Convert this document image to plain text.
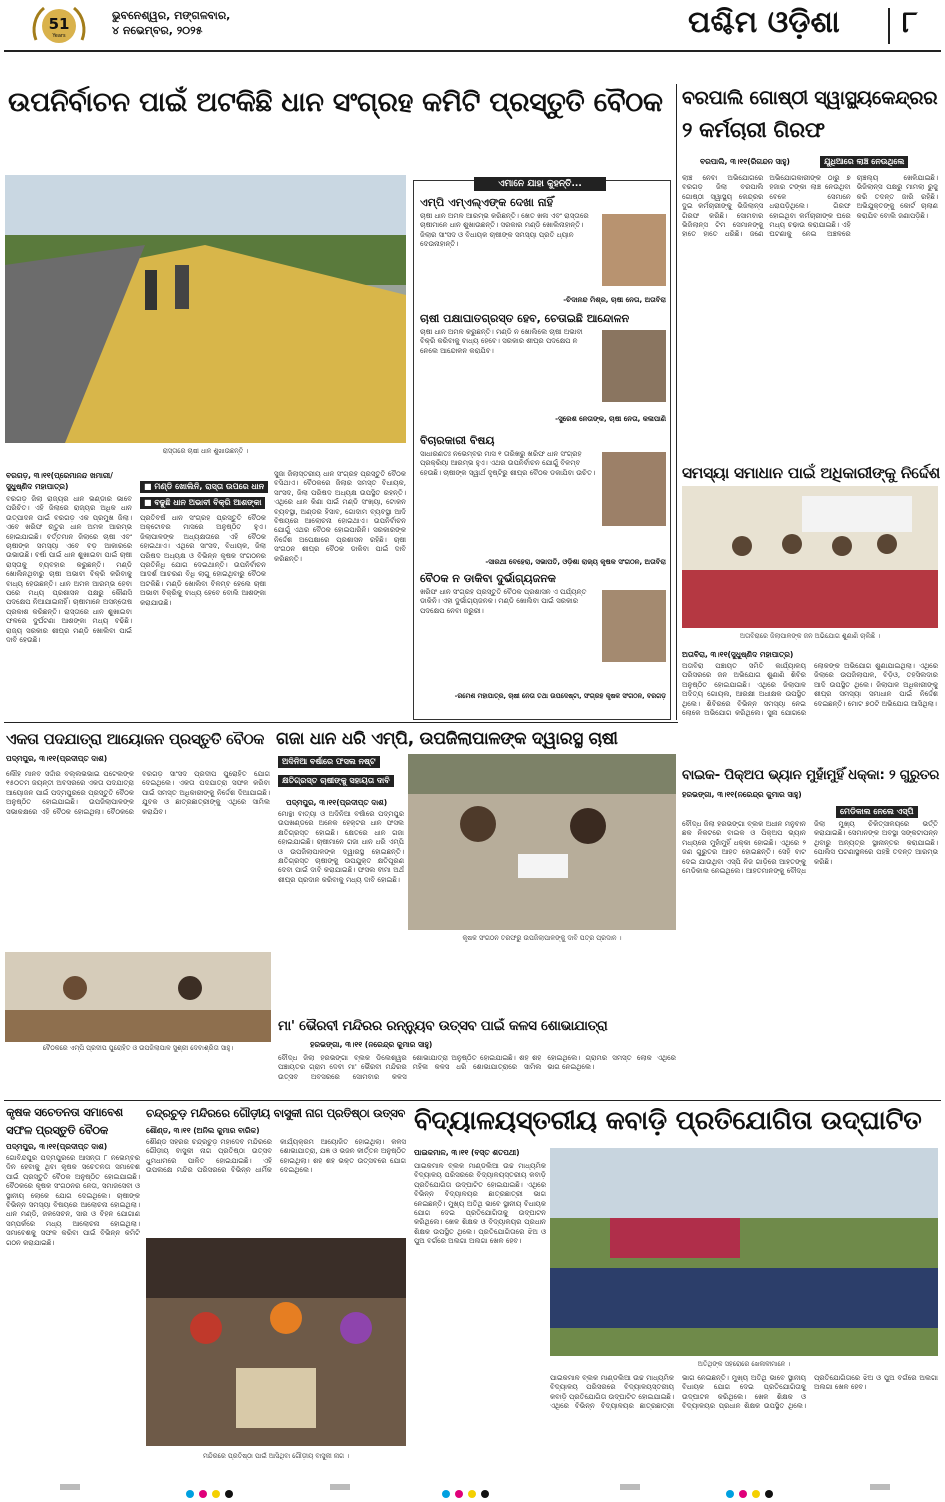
51
Years
ଭୁବନେଶ୍ୱର, ମଙ୍ଗଳବାର,
୪ ନଭେମ୍ବର, ୨୦୨୫	ପଶ୍ଚିମ ଓଡ଼ିଶା ୮
ଉପନିର୍ବାଚନ ପାଇଁ ଅଟକିଛି ଧାନ ସଂଗ୍ରହ କମିଟି ପ୍ରସ୍ତୁତି ବୈଠକ
ରାସ୍ତାରେ ଚାଷୀ ଧାନ ଶୁଖାଉଛନ୍ତି ।
ବରଗଡ଼, ୩।୧୧(ପ୍ରେମାନନ୍ଦ ଖମାରୀ/ ସୁଧୁଷ୍ଣିଦ ମହାପାତ୍ର)	■ ମଣ୍ଡି ଖୋଲିନି, ରାସ୍ତା ଉପରେ ଧାନ
■ ବଢୁଛି ଧାନ ଅଭାବୀ ବିକ୍ରି ଆଶଙ୍କା
ବରଗଡ଼ ଜିଲା ରାଜ୍ୟର ଧାନ ଭଣ୍ଡାର ଭାବେ ପରିଚିତ। ଏହି ଜିଲାରେ ରାଜ୍ୟର ଅଧିକ ଧାନ ଉତ୍ପାଦନ ପାଇଁ ବରଗଡ଼ ଏକ ପ୍ରମୁଖ ଜିଲା। ଏବେ ଖରିଫ ଋତୁର ଧାନ ଅମଳ ଆରମ୍ଭ ହୋଇଯାଇଛି। ବର୍ତ୍ତମାନ ଜିଲାରେ ଚାଷୀ ଏବଂ ଚାଷୀଙ୍କ ସମସ୍ୟା ଏବେ ବଡ଼ ଆକାରରେ ଉଭାଉଛି। ବର୍ଷା ପାଇଁ ଧାନ ଶୁଖାଇବା ପାଇଁ ଚାଷୀ ରାସ୍ତାକୁ ବ୍ୟବହାର କରୁଛନ୍ତି। ମଣ୍ଡି ଖୋଲିନଥିବାରୁ ଚାଷୀ ଅଭାବୀ ବିକ୍ରି କରିବାକୁ ବାଧ୍ୟ ହେଉଛନ୍ତି। ଧାନ ଅମଳ ଆରମ୍ଭ ହେବା ପରେ ମଧ୍ୟ ପ୍ରଶାସନ ପକ୍ଷରୁ କୌଣସି ପଦକ୍ଷେପ ନିଆଯାଇନାହିଁ। ଚାଷୀମାନେ ଅସନ୍ତୋଷ ପ୍ରକାଶ କରିଛନ୍ତି। ରାସ୍ତାରେ ଧାନ ଶୁଖାଇବା ଫଳରେ ଦୁର୍ଘଟଣା ଆଶଙ୍କା ମଧ୍ୟ ବଢିଛି। ରାଜ୍ୟ ସରକାର ଶୀଘ୍ର ମଣ୍ଡି ଖୋଲିବା ପାଇଁ ଦାବି ହେଉଛି।
ପ୍ରତିବର୍ଷ ଧାନ ସଂଗ୍ରହ ପ୍ରସ୍ତୁତି ବୈଠକ ଅକ୍ଟୋବର ମାସରେ ଅନୁଷ୍ଠିତ ହୁଏ। ଜିଲାପାଳଙ୍କ ଅଧ୍ୟକ୍ଷତାରେ ଏହି ବୈଠକ ହୋଇଥାଏ। ଏଥିରେ ସାଂସଦ, ବିଧାୟକ, ଜିଲା ପରିଷଦ ଅଧ୍ୟକ୍ଷ ଓ ବିଭିନ୍ନ କୃଷକ ସଂଗଠନର ପ୍ରତିନିଧି ଯୋଗ ଦେଇଥାନ୍ତି। ଉପନିର୍ବାଚନ ଆଦର୍ଶ ଆଚରଣ ବିଧି ଲାଗୁ ହୋଇଥିବାରୁ ବୈଠକ ଅଟକିଛି। ମଣ୍ଡି ଖୋଲିବା ବିଳମ୍ବ ହେଲେ ଚାଷୀ ଅଭାବୀ ବିକ୍ରିକୁ ବାଧ୍ୟ ହେବେ ବୋଲି ଆଶଙ୍କା କରାଯାଉଛି।
ସୁଜା ଜିଲାସ୍ତରୀୟ ଧାନ ସଂଗ୍ରହ ପ୍ରସ୍ତୁତି ବୈଠକ ବସିଥାଏ। ବୈଠକରେ ଜିଲାର ସମସ୍ତ ବିଧାୟକ, ସାଂସଦ, ଜିଲା ପରିଷଦ ଅଧ୍ୟକ୍ଷ ଉପସ୍ଥିତ ରହନ୍ତି। ଏଥିରେ ଧାନ କିଣା ପାଇଁ ମଣ୍ଡି ସଂଖ୍ୟା, ଟୋକନ ବ୍ୟବସ୍ଥା, ଅଣ୍ଡର ହିସାବ, ଗୋଦାମ ବ୍ୟବସ୍ଥା ଆଦି ବିଷୟରେ ଆଲୋଚନା ହୋଇଥାଏ। ଉପନିର୍ବାଚନ ଯୋଗୁଁ ଏଥର ବୈଠକ ହୋଇପାରିନି। ସରକାରଙ୍କ ନିର୍ଦ୍ଦେଶ ଅପେକ୍ଷାରେ ପ୍ରଶାସନ ରହିଛି। ଚାଷୀ ସଂଗଠନ ଶୀଘ୍ର ବୈଠକ ଡାକିବା ପାଇଁ ଦାବି କରିଛନ୍ତି।
ଏମାନେ ଯାହା କୁହନ୍ତି...
ଏମ୍ପି ଏମ୍‌ଏଲ୍‌ଏଙ୍କ ଦେଖା ନାହିଁ
ଚାଷୀ ଧାନ ଅମଳ ଆରମ୍ଭ କରିଛନ୍ତି। ଖେତ ଖଳା ଏବଂ ରାସ୍ତାରେ ଚାଷୀମାନେ ଧାନ ଶୁଖାଉଛନ୍ତି। ସରକାର ମଣ୍ଡି ଖୋଲିନାହାନ୍ତି। ଜିଲାର ସାଂସଦ ଓ ବିଧାୟକ ଚାଷୀଙ୍କ ସମସ୍ୟା ପ୍ରତି ଧ୍ୟାନ ଦେଉନାହାନ୍ତି।
-ଚିଦାନନ୍ଦ ମିଶ୍ର, ଚାଷୀ ନେତା, ଅତାବିରା
ଚାଷୀ ପକ୍ଷାଘାତଗ୍ରସ୍ତ ହେବ, ଚେତାଇଛି ଆନ୍ଦୋଳନ
ଚାଷୀ ଧାନ ଅମଳ କରୁଛନ୍ତି। ମଣ୍ଡି ନ ଖୋଲିଲେ ଚାଷୀ ଅଭାବୀ ବିକ୍ରି କରିବାକୁ ବାଧ୍ୟ ହେବେ। ସରକାର ଶୀଘ୍ର ପଦକ୍ଷେପ ନ ନେଲେ ଆନ୍ଦୋଳନ କରାଯିବ।
-ସୁରେଶ ନେତାଙ୍କ, ଚାଷୀ ନେତା, କଳାପାଣି
ବିଚାରକାରୀ ବିଷୟ
ସାଧାରଣତଃ ନଭେମ୍ବର ମାସ ୧ ତାରିଖରୁ ଖରିଫ ଧାନ ସଂଗ୍ରହ ପ୍ରକ୍ରିୟା ଆରମ୍ଭ ହୁଏ। ଏଥର ଉପନିର୍ବାଚନ ଯୋଗୁଁ ବିଳମ୍ବ ହେଉଛି। ଚାଷୀଙ୍କ ସ୍ୱାର୍ଥ ଦୃଷ୍ଟିରୁ ଶୀଘ୍ର ବୈଠକ ଡକାଯିବା ଉଚିତ।
-ସାରଥୀ ବେହେରା, ସଭାପତି, ଓଡ଼ିଶା ରାଜ୍ୟ କୃଷକ ସଂଗଠନ, ଅତାବିରା
ବୈଠକ ନ ଡାକିବା ଦୁର୍ଭାଗ୍ୟଜନକ
ଖରିଫ ଧାନ ସଂଗ୍ରହ ପ୍ରସ୍ତୁତି ବୈଠକ ପ୍ରଶାସନ ଏ ପର୍ଯ୍ୟନ୍ତ ଡାକିନି। ଏହା ଦୁର୍ଭାଗ୍ୟଜନକ। ମଣ୍ଡି ଖୋଲିବା ପାଇଁ ସରକାର ପଦକ୍ଷେପ ନେବା ଜରୁରୀ।
-ରମେଶ ମହାପାତ୍ର, ଚାଷୀ ନେତା ତଥା ଉପଦେଷ୍ଟା, ସଂଗ୍ରହ କୃଷକ ସଂଗଠନ, ବରଗଡ଼
ବରପାଲି ଗୋଷ୍ଠୀ ସ୍ୱାସ୍ଥ୍ୟକେନ୍ଦ୍ରର
୨ କର୍ମଚାରୀ ଗିରଫ
ବରପାଲି, ୩।୧୧(ରିଗନ୍ଦନ ସାହୁ)	ଯୁଧିଆରେ ଲାଞ୍ଚ ନେଉଥିଲେ
ଲାଞ୍ଚ ନେବା ଅଭିଯୋଗରେ ବରଗଡ଼ ଜିଲା ବରପାଲି ଗୋଷ୍ଠୀ ସ୍ୱାସ୍ଥ୍ୟ କେନ୍ଦ୍ରର ଦୁଇ କର୍ମଚାରୀଙ୍କୁ ଭିଜିଲାନ୍ସ ଗିରଫ କରିଛି। ସୋମବାର ଭିଜିଲାନ୍ସ ଟିମ ସେମାନଙ୍କୁ ହାତେ ହାତେ ଧରିଛି। ଜଣେ ଅଭିଯୋଗକାରୀଙ୍କ ଠାରୁ ୭ ହଜାର ଟଙ୍କା ଲାଞ୍ଚ ନେଉଥିବା ବେଳେ ସେମାନେ ଧରାପଡ଼ିଥିଲେ। ଗିରଫ ହୋଇଥିବା କର୍ମଚାରୀଙ୍କ ଘରେ ମଧ୍ୟ ଚଢାଉ କରାଯାଇଛି। ଏହି ଘଟଣାକୁ ନେଇ ଅଞ୍ଚଳରେ ଚାଞ୍ଚଲ୍ୟ ଖେଳିଯାଇଛି। ଭିଜିଲାନ୍ସ ପକ୍ଷରୁ ମାମଲା ରୁଜୁ କରି ତଦନ୍ତ ଜାରି ରହିଛି। ଅଭିଯୁକ୍ତଙ୍କୁ କୋର୍ଟ ଚାଲାଣ କରାଯିବ ବୋଲି ଜଣାପଡ଼ିଛି।
ସମସ୍ୟା ସମାଧାନ ପାଇଁ ଅଧିକାରୀଙ୍କୁ ନିର୍ଦ୍ଦେଶ
ଅତାବିରାରେ ଜିଲାପାଳଙ୍କ ଜନ ଅଭିଯୋଗ ଶୁଣାଣି ଚାଲିଛି ।
ଅତାବିରା, ୩।୧୧(ସୁଧୁଷ୍ଣିଦ ମହାପାତ୍ର)
ଅତାବିରା ପଞ୍ଚାୟତ ସମିତି କାର୍ଯ୍ୟାଳୟ ପରିସରରେ ଜନ ଅଭିଯୋଗ ଶୁଣାଣି ଶିବିର ଅନୁଷ୍ଠିତ ହୋଇଯାଇଛି। ଏଥିରେ ଜିଲାପାଳ ଅଦିତ୍ୟ ଗୋୟଲ, ଆରକ୍ଷୀ ଅଧୀକ୍ଷକ ଉପସ୍ଥିତ ଥିଲେ। ଶିବିରରେ ବିଭିନ୍ନ ସମସ୍ୟା ନେଇ ଲୋକେ ଅଭିଯୋଗ କରିଥିଲେ। ସୁନା ଯୋଗରେ ଲୋକଙ୍କ ଅଭିଯୋଗ ଶୁଣାଯାଇଥିଲା। ଏଥିରେ ଜିଲାରେ ଉପଜିଲାପାଳ, ବିଡ଼ିଓ, ତହସିଲଦାର ଆଦି ଉପସ୍ଥିତ ଥିଲେ। ଜିଲାପାଳ ଅଧିକାରୀଙ୍କୁ ଶୀଘ୍ର ସମସ୍ୟା ସମାଧାନ ପାଇଁ ନିର୍ଦ୍ଦେଶ ଦେଇଛନ୍ତି। ମୋଟ ୭୦ଟି ଅଭିଯୋଗ ଆସିଥିଲା।
ବାଇକ- ପିକ୍‌ଅପ ଭ୍ୟାନ ମୁହାଁମୁହିଁ ଧକ୍କା: ୨ ଗୁରୁତର
ହରଭଙ୍ଗା, ୩।୧୧(ନରେନ୍ଦ୍ର କୁମାର ସାହୁ)
ମେଡିକାଲ ନେଲେ ଏସ୍‌ପି
ବୌଦ୍ଧ ଜିଲା ହରଭଙ୍ଗା ବ୍ଲକ ଅଧୀନ ମନୁବାନ ଛକ ନିକଟରେ ବାଇକ ଓ ପିକ୍‌ଅପ ଭ୍ୟାନ ମଧ୍ୟରେ ମୁହାଁମୁହିଁ ଧକ୍କା ହୋଇଛି। ଏଥିରେ ୨ ଜଣ ଗୁରୁତର ଆହତ ହୋଇଛନ୍ତି। ସେହି ବାଟ ଦେଇ ଯାଉଥିବା ଏସ୍‌ପି ନିଜ ଗାଡ଼ିରେ ଆହତଙ୍କୁ ମେଡିକାଲ ନେଇଥିଲେ। ଆହତମାନଙ୍କୁ ବୌଦ୍ଧ ଜିଲା ମୁଖ୍ୟ ଚିକିତ୍ସାଳୟରେ ଭର୍ତ୍ତି କରାଯାଇଛି। ସେମାନଙ୍କ ଅବସ୍ଥା ସଙ୍କଟାପନ୍ନ ଥିବାରୁ ଅନ୍ୟତ୍ର ସ୍ଥାନାନ୍ତର କରାଯାଇଛି। ପୋଲିସ ଘଟଣାସ୍ଥଳରେ ପହଞ୍ଚି ତଦନ୍ତ ଆରମ୍ଭ କରିଛି।
ଏକତା ପଦଯାତ୍ରା ଆୟୋଜନ ପ୍ରସ୍ତୁତି ବୈଠକ
ପଦ୍ମପୁର, ୩।୧୧(ପ୍ରଦୀପ୍ତ ଦାଶ)
ଲୌହ ମାନବ ସର୍ଦ୍ଦାର ବଲ୍ଲଭଭାଇ ପଟେଲଙ୍କ ୧୫୦ତମ ଜୟନ୍ତୀ ଅବସରରେ ଏକତା ପଦଯାତ୍ରା ଆୟୋଜନ ପାଇଁ ପଦ୍ମପୁରରେ ପ୍ରସ୍ତୁତି ବୈଠକ ଅନୁଷ୍ଠିତ ହୋଇଯାଇଛି। ଉପଜିଲାପାଳଙ୍କ ସଭାକକ୍ଷରେ ଏହି ବୈଠକ ହୋଇଥିଲା। ବୈଠକରେ ବରଗଡ଼ ସାଂସଦ ପ୍ରଦୀପ ପୁରୋହିତ ଯୋଗ ଦେଇଥିଲେ। ଏକତା ପଦଯାତ୍ରା ସଫଳ କରିବା ପାଇଁ ସମସ୍ତ ଅଧିକାରୀଙ୍କୁ ନିର୍ଦ୍ଦେଶ ଦିଆଯାଇଛି। ଯୁବକ ଓ ଛାତ୍ରଛାତ୍ରୀଙ୍କୁ ଏଥିରେ ସାମିଲ କରାଯିବ।
ବୈଠକରେ ଏମ୍ପି ପ୍ରଦୀପ ପୁରୋହିତ ଓ ଉପଜିଲାପାଳ ସୁଶ୍ରୀ ଦେବାଶ୍ରିତା ସାହୁ।
ଗଜା ଧାନ ଧରି ଏମ୍ପି, ଉପଜିଲାପାଳଙ୍କ ଦ୍ୱାରସ୍ଥ ଚାଷୀ
ଅଦିନିଆ ବର୍ଷାରେ ଫସଲ ନଷ୍ଟ
କ୍ଷତିଗ୍ରସ୍ତ ଚାଷୀଙ୍କୁ ସହାୟତା ଦାବି
ପଦ୍ମପୁର, ୩।୧୧(ପ୍ରଦୀପ୍ତ ଦାଶ)
କୃଷକ ସଂଗଠନ ତରଫରୁ ଉପଜିଲାପାଳଙ୍କୁ ଦାବି ପତ୍ର ପ୍ରଦାନ ।
ମୋନ୍ଥା ବାତ୍ୟା ଓ ଅଦିନିଆ ବର୍ଷାରେ ପଦ୍ମପୁର ଉପଖଣ୍ଡରେ ଅନେକ ହେକ୍ଟର ଧାନ ଫସଲ କ୍ଷତିଗ୍ରସ୍ତ ହୋଇଛି। କ୍ଷେତରେ ଧାନ ଗଜା ହୋଇଯାଇଛି। ଚାଷୀମାନେ ଗଜା ଧାନ ଧରି ଏମ୍ପି ଓ ଉପଜିଲାପାଳଙ୍କ ଦ୍ୱାରସ୍ଥ ହୋଇଛନ୍ତି। କ୍ଷତିଗ୍ରସ୍ତ ଚାଷୀଙ୍କୁ ଉପଯୁକ୍ତ କ୍ଷତିପୂରଣ ଦେବା ପାଇଁ ଦାବି କରାଯାଇଛି। ଫସଲ ବୀମା ଅର୍ଥ ଶୀଘ୍ର ପ୍ରଦାନ କରିବାକୁ ମଧ୍ୟ ଦାବି ହୋଇଛି।
ମା' ଭୈରବୀ ମନ୍ଦିରର ରନ୍ନ୍ୟୁବ ଉତ୍ସବ ପାଇଁ କଳସ ଶୋଭାଯାତ୍ରା
ହରଭଙ୍ଗା, ୩।୧୧ (ନରେନ୍ଦ୍ର କୁମାର ସାହୁ)
ବୌଦ୍ଧ ଜିଲା ହରଭଙ୍ଗା ବ୍ଲକ ଡିଲେଶ୍ୱର ପଞ୍ଚାୟତର ଗ୍ରାମ ଦେବୀ ମା' ଭୈରବୀ ମନ୍ଦିରର ଉତ୍ସବ ଅବସରରେ ସୋମବାର କଳସ ଶୋଭାଯାତ୍ରା ଅନୁଷ୍ଠିତ ହୋଇଯାଇଛି। ଶହ ଶହ ମହିଳା କଳସ ଧରି ଶୋଭାଯାତ୍ରାରେ ସାମିଲ ହୋଇଥିଲେ। ଗ୍ରାମର ସମସ୍ତ ଲୋକ ଏଥିରେ ଭାଗ ନେଇଥିଲେ।
କୃଷକ ସଚେତନତା ସମାବେଶ
ସଫଳ ପ୍ରସ୍ତୁତି ବୈଠକ
ପଦ୍ମପୁର, ୩।୧୧(ପ୍ରଦୀପ୍ତ ଦାଶ)
ଗୋବିନ୍ଦପୁର ପଦ୍ମପୁରରେ ଆସନ୍ତା ୮ ନଭେମ୍ବର ଦିନ ହେବାକୁ ଥିବା କୃଷକ ସଚେତନତା ସମାବେଶ ପାଇଁ ପ୍ରସ୍ତୁତି ବୈଠକ ଅନୁଷ୍ଠିତ ହୋଇଯାଇଛି। ବୈଠକରେ କୃଷକ ସଂଗଠନର ନେତା, ସମାଜସେବୀ ଓ ସ୍ଥାନୀୟ ଲୋକେ ଯୋଗ ଦେଇଥିଲେ। ଚାଷୀଙ୍କ ବିଭିନ୍ନ ସମସ୍ୟା ବିଷୟରେ ଆଲୋଚନା ହୋଇଥିଲା। ଧାନ ମଣ୍ଡି, ଜଳସେଚନ, ସାର ଓ ବିହନ ଯୋଗାଣ ସମ୍ପର୍କରେ ମଧ୍ୟ ଆଲୋଚନା ହୋଇଥିଲା। ସମାବେଶକୁ ସଫଳ କରିବା ପାଇଁ ବିଭିନ୍ନ କମିଟି ଗଠନ କରାଯାଇଛି।
ଚନ୍ଦ୍ରଚୁଡ଼ ମନ୍ଦିରରେ ଗୌଡ଼ୀୟ ବାସୁକୀ ନାଗ ପ୍ରତିଷ୍ଠା ଉତ୍ସବ
ଶୌଣ୍ଡ, ୩।୧୧ (ଅନିଲ କୁମାର ବାରିକ)
ଶୌଣ୍ଡ ସହରର ଚନ୍ଦ୍ରଚୁଡ଼ ମହାଦେବ ମନ୍ଦିରରେ ଗୌଡ଼ୀୟ ବାସୁକୀ ନାଗ ପ୍ରତିଷ୍ଠା ଉତ୍ସବ ଧୁମଧାମରେ ପାଳିତ ହୋଇଯାଇଛି। ଏହି ଉପଲକ୍ଷେ ମନ୍ଦିର ପରିସରରେ ବିଭିନ୍ନ ଧାର୍ମିକ କାର୍ଯ୍ୟକ୍ରମ ଆୟୋଜିତ ହୋଇଥିଲା। କଳସ ଶୋଭାଯାତ୍ରା, ଯଜ୍ଞ ଓ ଭଜନ କୀର୍ତ୍ତନ ଅନୁଷ୍ଠିତ ହୋଇଥିଲା। ଶହ ଶହ ଭକ୍ତ ଉତ୍ସବରେ ଯୋଗ ଦେଇଥିଲେ।
ମନ୍ଦିରରେ ପ୍ରତିଷ୍ଠା ପାଇଁ ଆସିଥିବା ଗୌଡ଼ୀୟ ବାସୁକୀ ନାଗ ।
ବିଦ୍ୟାଳୟସ୍ତରୀୟ କବାଡ଼ି ପ୍ରତିଯୋଗିତା ଉଦ୍‌ଘାଟିତ
ପାଇକମାଳ, ୩।୧୧ (ବସ୍ତ ଶତପଥୀ)
ପାଇକମାଳ ବ୍ଲକ ମାଣ୍ଡଲିଆ ଉଚ୍ଚ ମାଧ୍ୟମିକ ବିଦ୍ୟାଳୟ ପରିସରରେ ବିଦ୍ୟାଳୟସ୍ତରୀୟ କବାଡ଼ି ପ୍ରତିଯୋଗିତା ଉଦ୍‌ଘାଟିତ ହୋଇଯାଇଛି। ଏଥିରେ ବିଭିନ୍ନ ବିଦ୍ୟାଳୟର ଛାତ୍ରଛାତ୍ରୀ ଭାଗ ନେଇଛନ୍ତି। ମୁଖ୍ୟ ଅତିଥି ଭାବେ ସ୍ଥାନୀୟ ବିଧାୟକ ଯୋଗ ଦେଇ ପ୍ରତିଯୋଗିତାକୁ ଉଦ୍‌ଘାଟନ କରିଥିଲେ। ଖେଳ ଶିକ୍ଷକ ଓ ବିଦ୍ୟାଳୟର ପ୍ରଧାନ ଶିକ୍ଷକ ଉପସ୍ଥିତ ଥିଲେ। ପ୍ରତିଯୋଗିତାରେ ଝିଅ ଓ ପୁଅ ବର୍ଗରେ ଅଲଗା ଅଲଗା ଖେଳ ହେବ।
ଅତିଥିଙ୍କ ସହରୋରେ ଖେଳାଳୀମାନେ ।
ପାଇକମାଳ ବ୍ଲକ ମାଣ୍ଡଲିଆ ଉଚ୍ଚ ମାଧ୍ୟମିକ ବିଦ୍ୟାଳୟ ପରିସରରେ ବିଦ୍ୟାଳୟସ୍ତରୀୟ କବାଡ଼ି ପ୍ରତିଯୋଗିତା ଉଦ୍‌ଘାଟିତ ହୋଇଯାଇଛି। ଏଥିରେ ବିଭିନ୍ନ ବିଦ୍ୟାଳୟର ଛାତ୍ରଛାତ୍ରୀ ଭାଗ ନେଇଛନ୍ତି। ମୁଖ୍ୟ ଅତିଥି ଭାବେ ସ୍ଥାନୀୟ ବିଧାୟକ ଯୋଗ ଦେଇ ପ୍ରତିଯୋଗିତାକୁ ଉଦ୍‌ଘାଟନ କରିଥିଲେ। ଖେଳ ଶିକ୍ଷକ ଓ ବିଦ୍ୟାଳୟର ପ୍ରଧାନ ଶିକ୍ଷକ ଉପସ୍ଥିତ ଥିଲେ। ପ୍ରତିଯୋଗିତାରେ ଝିଅ ଓ ପୁଅ ବର୍ଗରେ ଅଲଗା ଅଲଗା ଖେଳ ହେବ।
